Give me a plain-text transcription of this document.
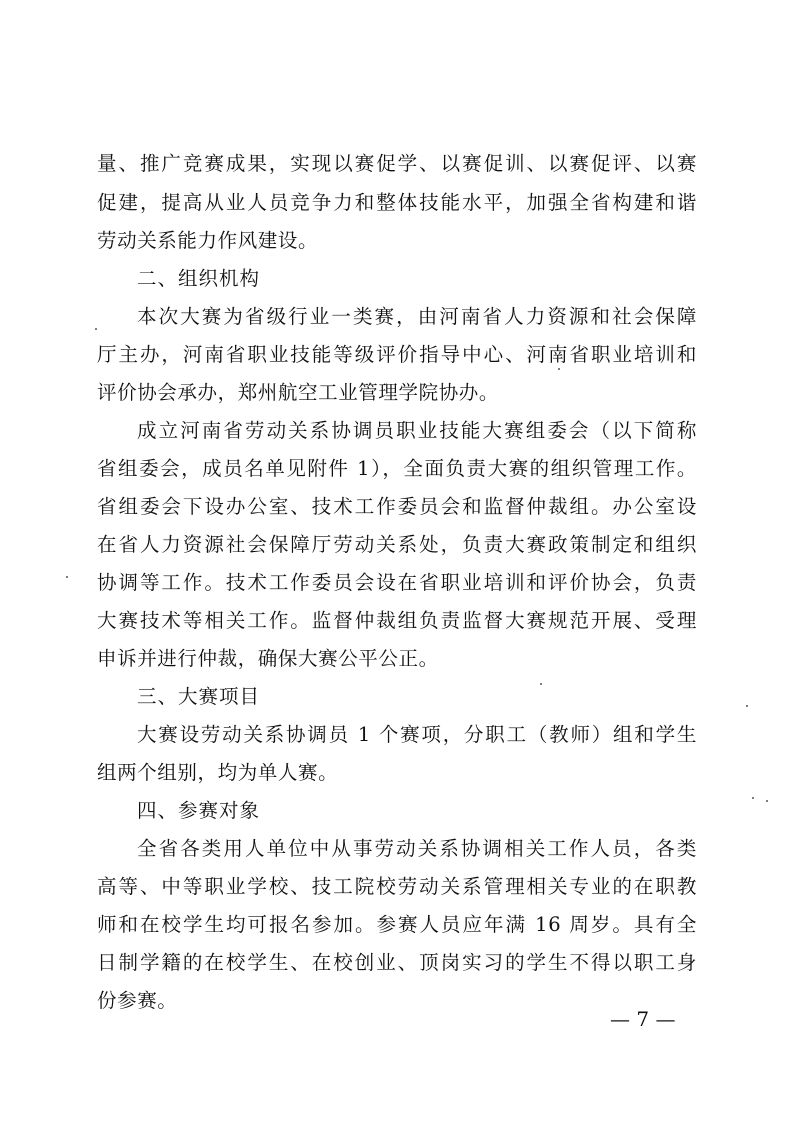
量、推广竞赛成果，实现以赛促学、以赛促训、以赛促评、以赛
促建，提高从业人员竞争力和整体技能水平，加强全省构建和谐
劳动关系能力作风建设。
二、组织机构
本次大赛为省级行业一类赛，由河南省人力资源和社会保障
厅主办，河南省职业技能等级评价指导中心、河南省职业培训和
评价协会承办，郑州航空工业管理学院协办。
成立河南省劳动关系协调员职业技能大赛组委会（以下简称
省组委会，成员名单见附件 1），全面负责大赛的组织管理工作。
省组委会下设办公室、技术工作委员会和监督仲裁组。办公室设
在省人力资源社会保障厅劳动关系处，负责大赛政策制定和组织
协调等工作。技术工作委员会设在省职业培训和评价协会，负责
大赛技术等相关工作。监督仲裁组负责监督大赛规范开展、受理
申诉并进行仲裁，确保大赛公平公正。
三、大赛项目
大赛设劳动关系协调员 1 个赛项，分职工（教师）组和学生
组两个组别，均为单人赛。
四、参赛对象
全省各类用人单位中从事劳动关系协调相关工作人员，各类
高等、中等职业学校、技工院校劳动关系管理相关专业的在职教
师和在校学生均可报名参加。参赛人员应年满 16 周岁。具有全
日制学籍的在校学生、在校创业、顶岗实习的学生不得以职工身
份参赛。
— 7 —
